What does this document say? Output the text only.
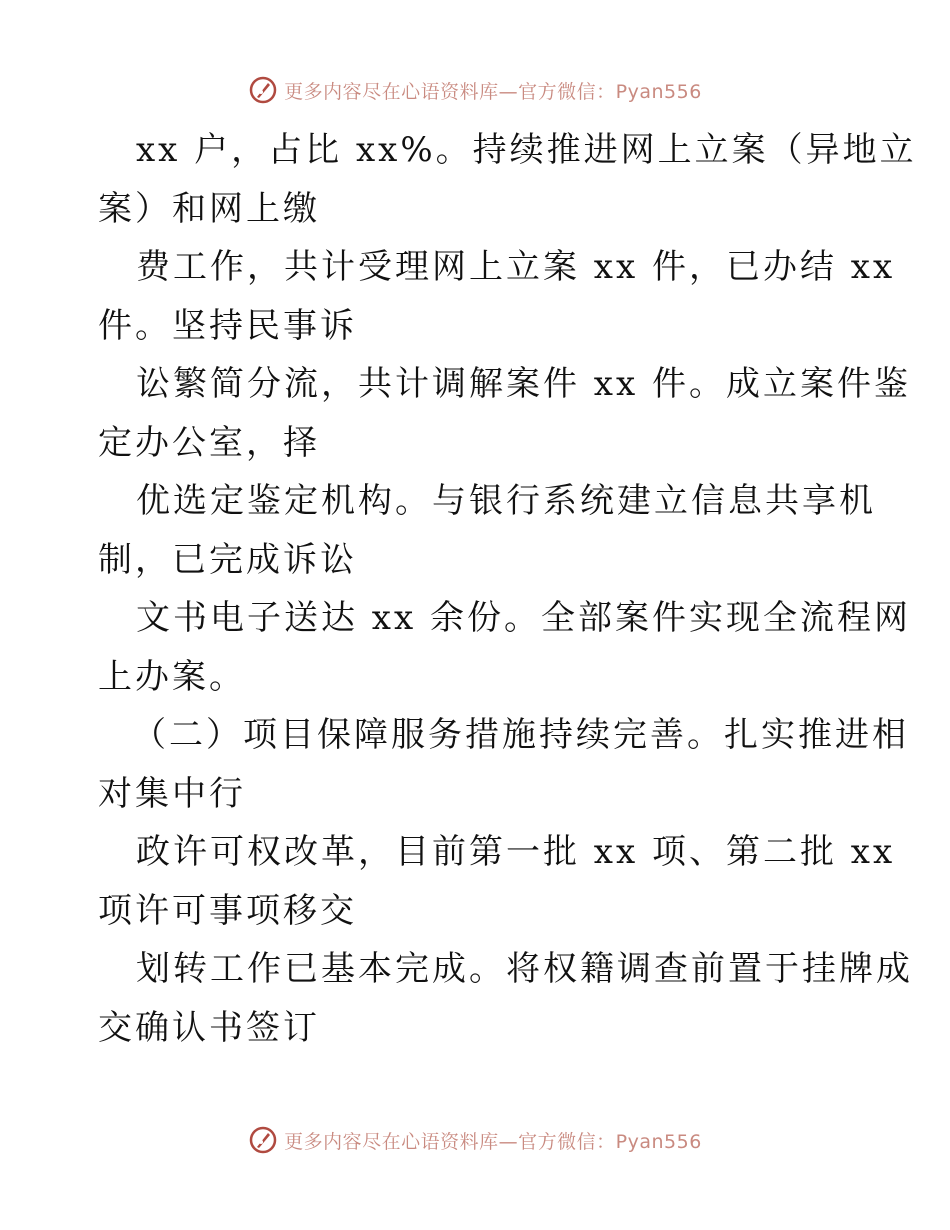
更多内容尽在心语资料库—官方微信：Pyan556
xx 户，占比 xx%。持续推进网上立案（异地立
案）和网上缴
费工作，共计受理网上立案 xx 件，已办结 xx
件。坚持民事诉
讼繁简分流，共计调解案件 xx 件。成立案件鉴
定办公室，择
优选定鉴定机构。与银行系统建立信息共享机
制，已完成诉讼
文书电子送达 xx 余份。全部案件实现全流程网
上办案。
（二）项目保障服务措施持续完善。扎实推进相
对集中行
政许可权改革，目前第一批 xx 项、第二批 xx
项许可事项移交
划转工作已基本完成。将权籍调查前置于挂牌成
交确认书签订
更多内容尽在心语资料库—官方微信：Pyan556
